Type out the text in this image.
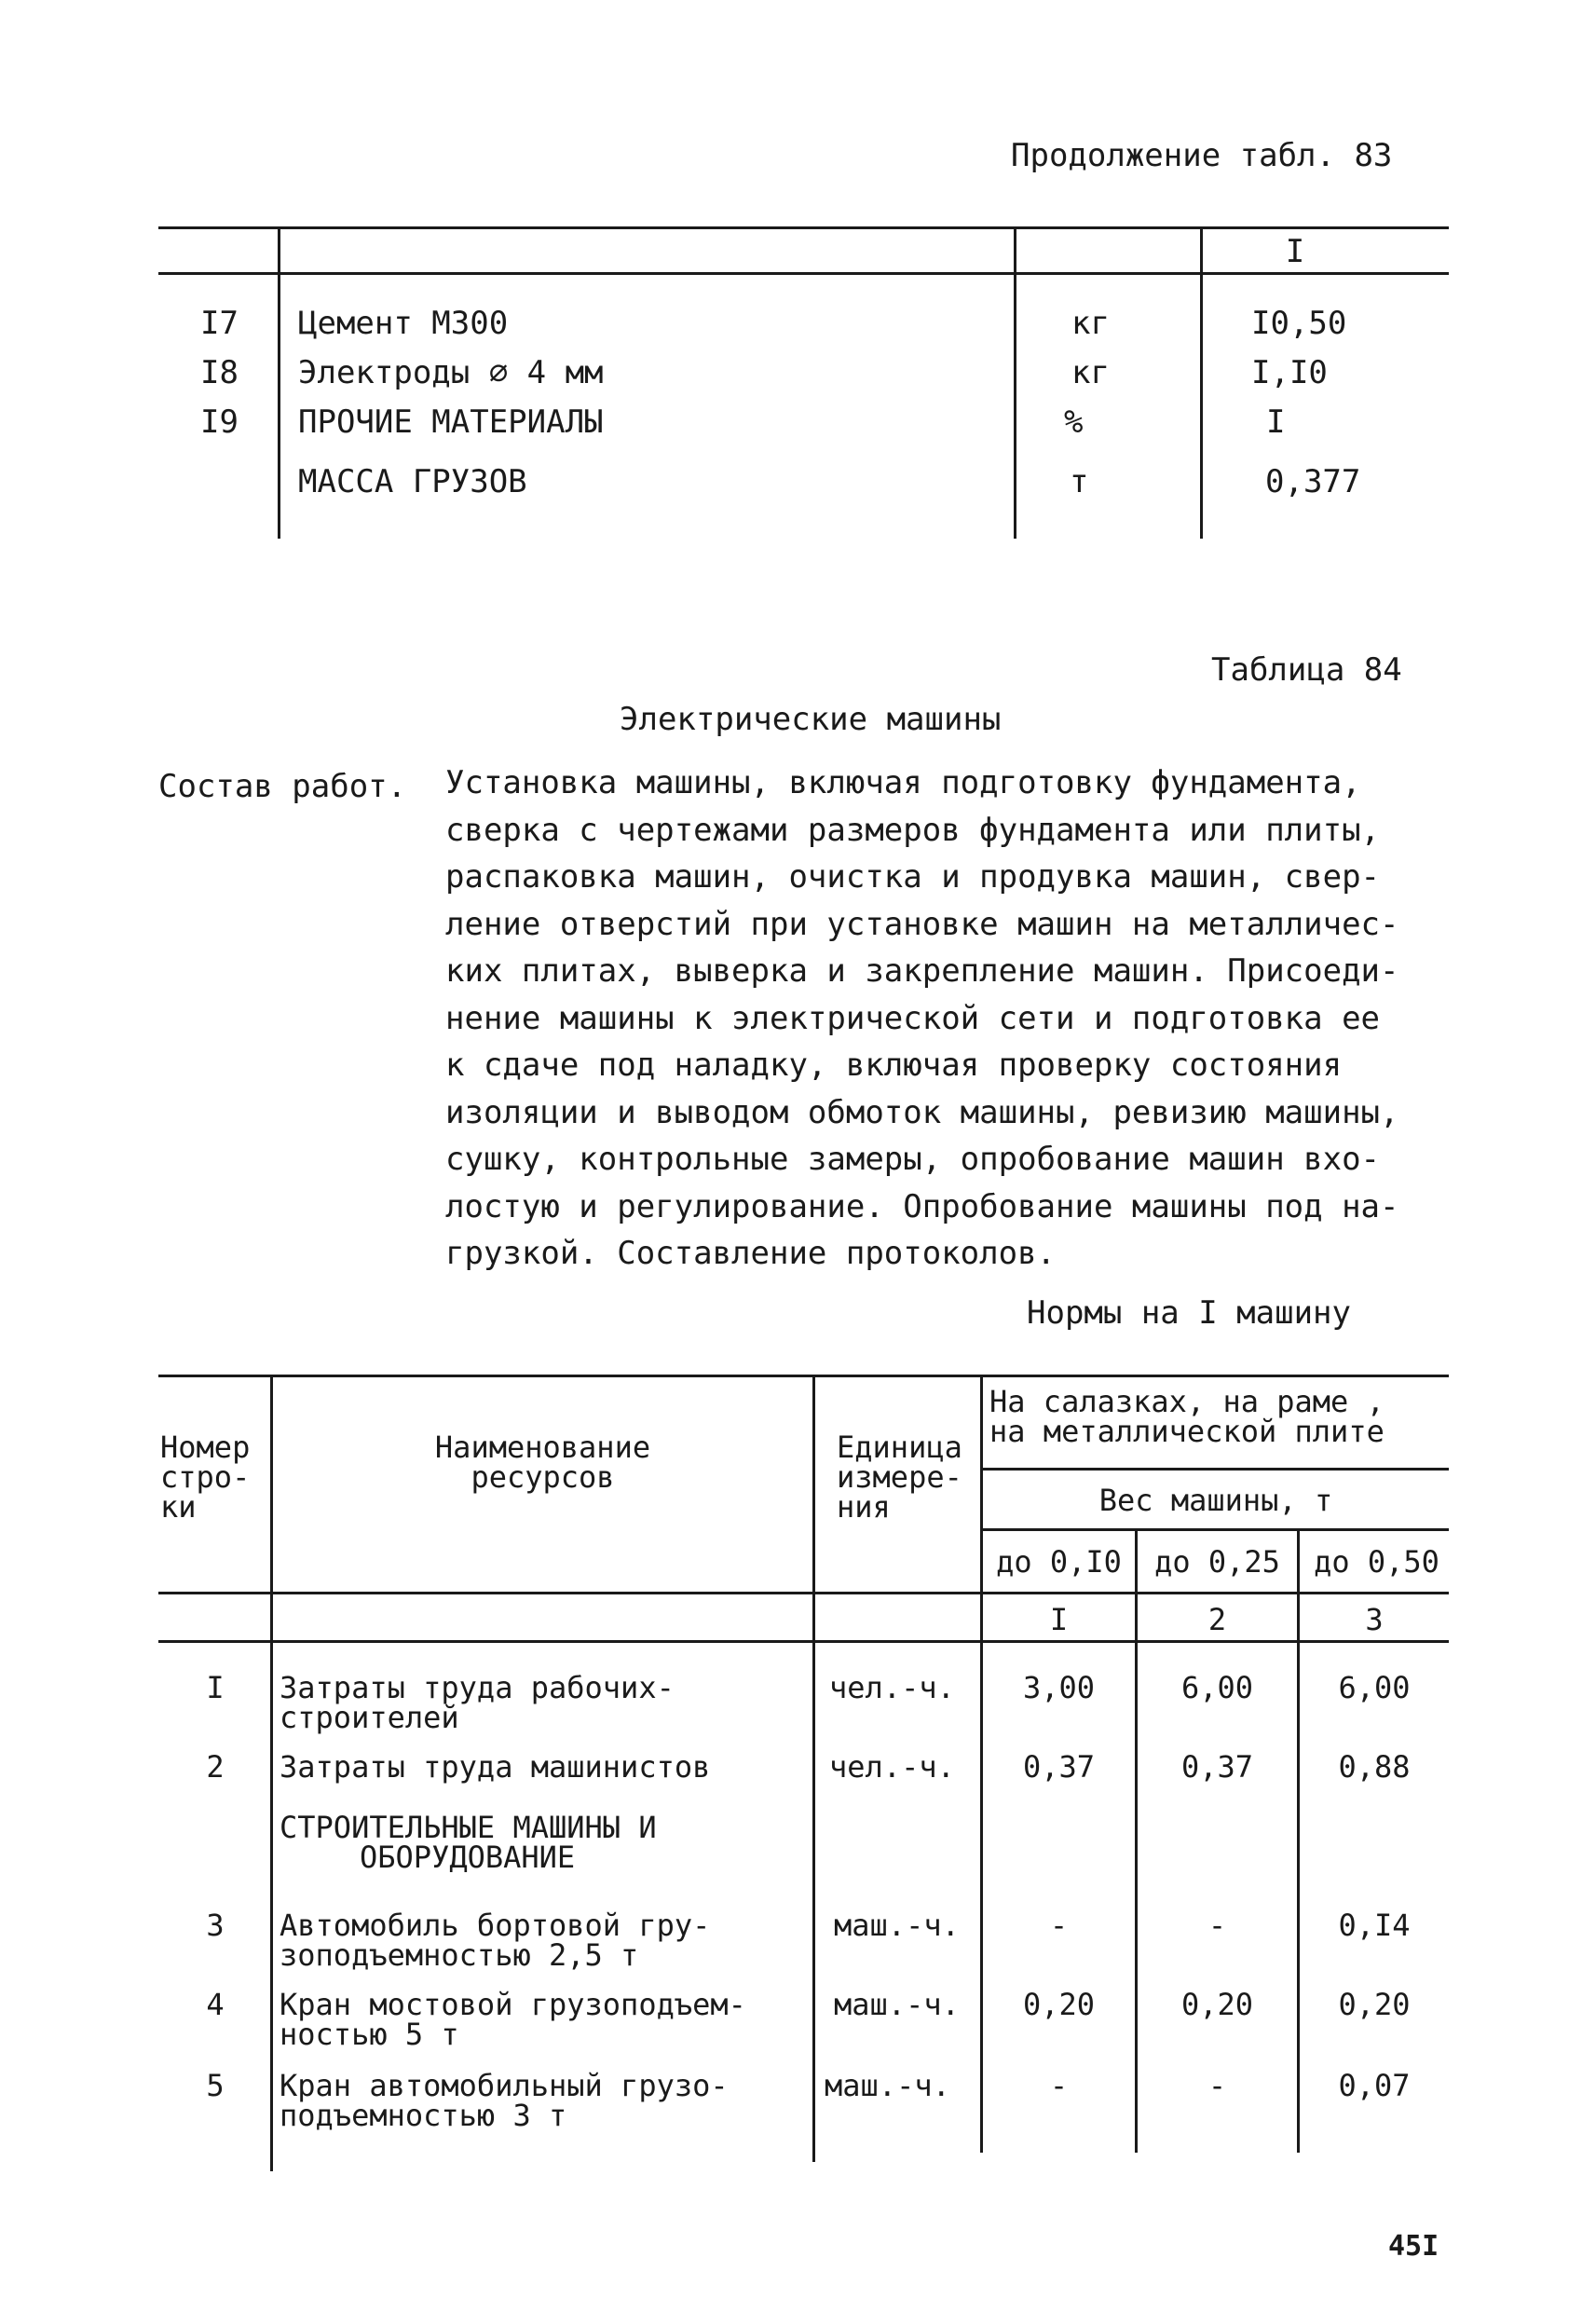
Продолжение табл. 83
I
I7 Цемент М300	кг	I0,50
I8 Электроды ∅ 4 мм	кг	I,I0
I9 ПРОЧИЕ МАТЕРИАЛЫ	%	I
МАССА ГРУЗОВ	т	0,377
Таблица 84
Электрические машины
Состав работ. Установка машины, включая подготовку фундамента,
сверка с чертежами размеров фундамента или плиты,
распаковка машин, очистка и продувка машин, свер-
ление отверстий при установке машин на металличес-
ких плитах, выверка и закрепление машин. Присоеди-
нение машины к электрической сети и подготовка ее
к сдаче под наладку, включая проверку состояния
изоляции и выводом обмоток машины, ревизию машины,
сушку, контрольные замеры, опробование машин вхо-
лостую и регулирование. Опробование машины под на-
грузкой. Составление протоколов.
Нормы на I машину
Номер
стро-
ки
Наименование
ресурсов
Единица
измере-
ния
На салазках, на раме ,
на металлической плите
Вес машины, т
до 0,I0	до 0,25	до 0,50
I	2	3
I	Затраты труда рабочих-
строителей
чел.-ч.	3,00	6,00	6,00
2	Затраты труда машинистов	чел.-ч.	0,37	0,37	0,88
СТРОИТЕЛЬНЫЕ МАШИНЫ И
ОБОРУДОВАНИЕ
3	Автомобиль бортовой гру-
зоподъемностью 2,5 т
маш.-ч.	-	-	0,I4
4	Кран мостовой грузоподъем-
ностью 5 т
маш.-ч.	0,20	0,20	0,20
5	Кран автомобильный грузо-
подъемностью 3 т
маш.-ч.	-	-	0,07
45I
